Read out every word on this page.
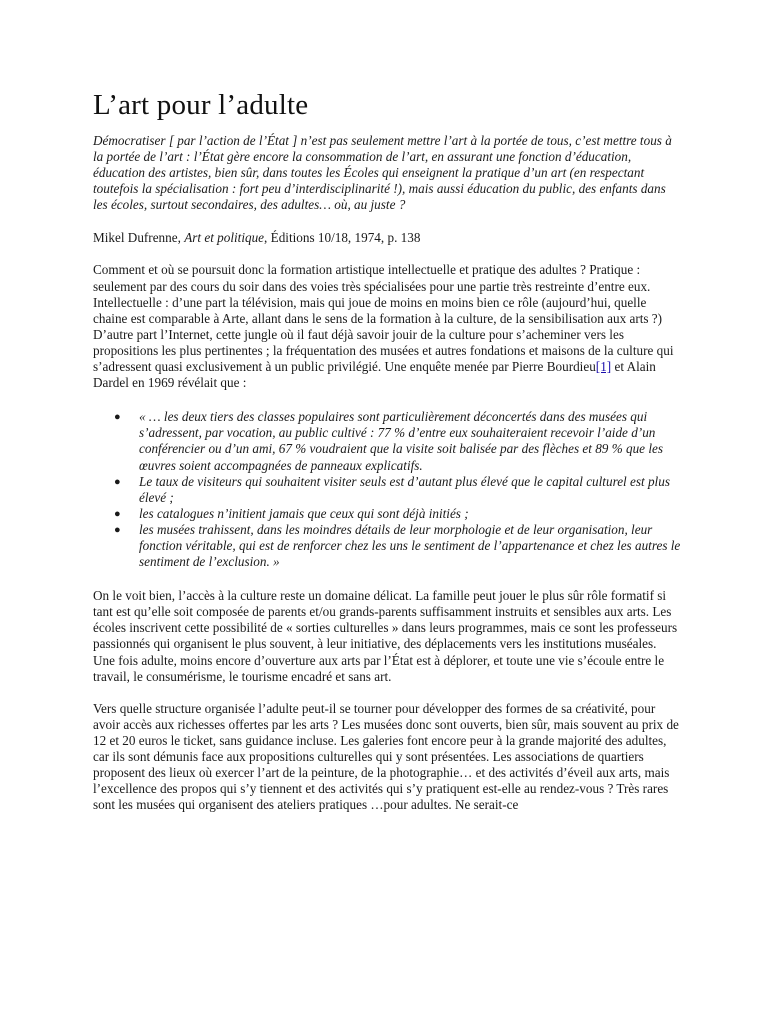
L’art pour l’adulte

Démocratiser [ par l’action de l’État ] n’est pas seulement mettre l’art à la portée de tous, c’est mettre tous à la portée de l’art : l’État gère encore la consommation de l’art, en assurant une fonction d’éducation, éducation des artistes, bien sûr, dans toutes les Écoles qui enseignent la pratique d’un art (en respectant toutefois la spécialisation : fort peu d’interdisciplinarité !), mais aussi éducation du public, des enfants dans les écoles, surtout secondaires, des adultes… où, au juste ?

Mikel Dufrenne, Art et politique, Éditions 10/18, 1974, p. 138

Comment et où se poursuit donc la formation artistique intellectuelle et pratique des adultes ? Pratique : seulement par des cours du soir dans des voies très spécialisées pour une partie très restreinte d’entre eux. Intellectuelle : d’une part la télévision, mais qui joue de moins en moins bien ce rôle (aujourd’hui, quelle chaine est comparable à Arte, allant dans le sens de la formation à la culture, de la sensibilisation aux arts ?) D’autre part l’Internet, cette jungle où il faut déjà savoir jouir de la culture pour s’acheminer vers les propositions les plus pertinentes ; la fréquentation des musées et autres fondations et maisons de la culture qui s’adressent quasi exclusivement à un public privilégié. Une enquête menée par Pierre Bourdieu[1] et Alain Dardel en 1969 révélait que :

● « … les deux tiers des classes populaires sont particulièrement déconcertés dans des musées qui s’adressent, par vocation, au public cultivé : 77 % d’entre eux souhaiteraient recevoir l’aide d’un conférencier ou d’un ami, 67 % voudraient que la visite soit balisée par des flèches et 89 % que les œuvres soient accompagnées de panneaux explicatifs.
● Le taux de visiteurs qui souhaitent visiter seuls est d’autant plus élevé que le capital culturel est plus élevé ;
● les catalogues n’initient jamais que ceux qui sont déjà initiés ;
● les musées trahissent, dans les moindres détails de leur morphologie et de leur organisation, leur fonction véritable, qui est de renforcer chez les uns le sentiment de l’appartenance et chez les autres le sentiment de l’exclusion. »

On le voit bien, l’accès à la culture reste un domaine délicat. La famille peut jouer le plus sûr rôle formatif si tant est qu’elle soit composée de parents et/ou grands-parents suffisamment instruits et sensibles aux arts. Les écoles inscrivent cette possibilité de « sorties culturelles » dans leurs programmes, mais ce sont les professeurs passionnés qui organisent le plus souvent, à leur initiative, des déplacements vers les institutions muséales. Une fois adulte, moins encore d’ouverture aux arts par l’État est à déplorer, et toute une vie s’écoule entre le travail, le consumérisme, le tourisme encadré et sans art.

Vers quelle structure organisée l’adulte peut-il se tourner pour développer des formes de sa créativité, pour avoir accès aux richesses offertes par les arts ? Les musées donc sont ouverts, bien sûr, mais souvent au prix de 12 et 20 euros le ticket, sans guidance incluse. Les galeries font encore peur à la grande majorité des adultes, car ils sont démunis face aux propositions culturelles qui y sont présentées. Les associations de quartiers proposent des lieux où exercer l’art de la peinture, de la photographie… et des activités d’éveil aux arts, mais l’excellence des propos qui s’y tiennent et des activités qui s’y pratiquent est-elle au rendez-vous ? Très rares sont les musées qui organisent des ateliers pratiques …pour adultes. Ne serait-ce
